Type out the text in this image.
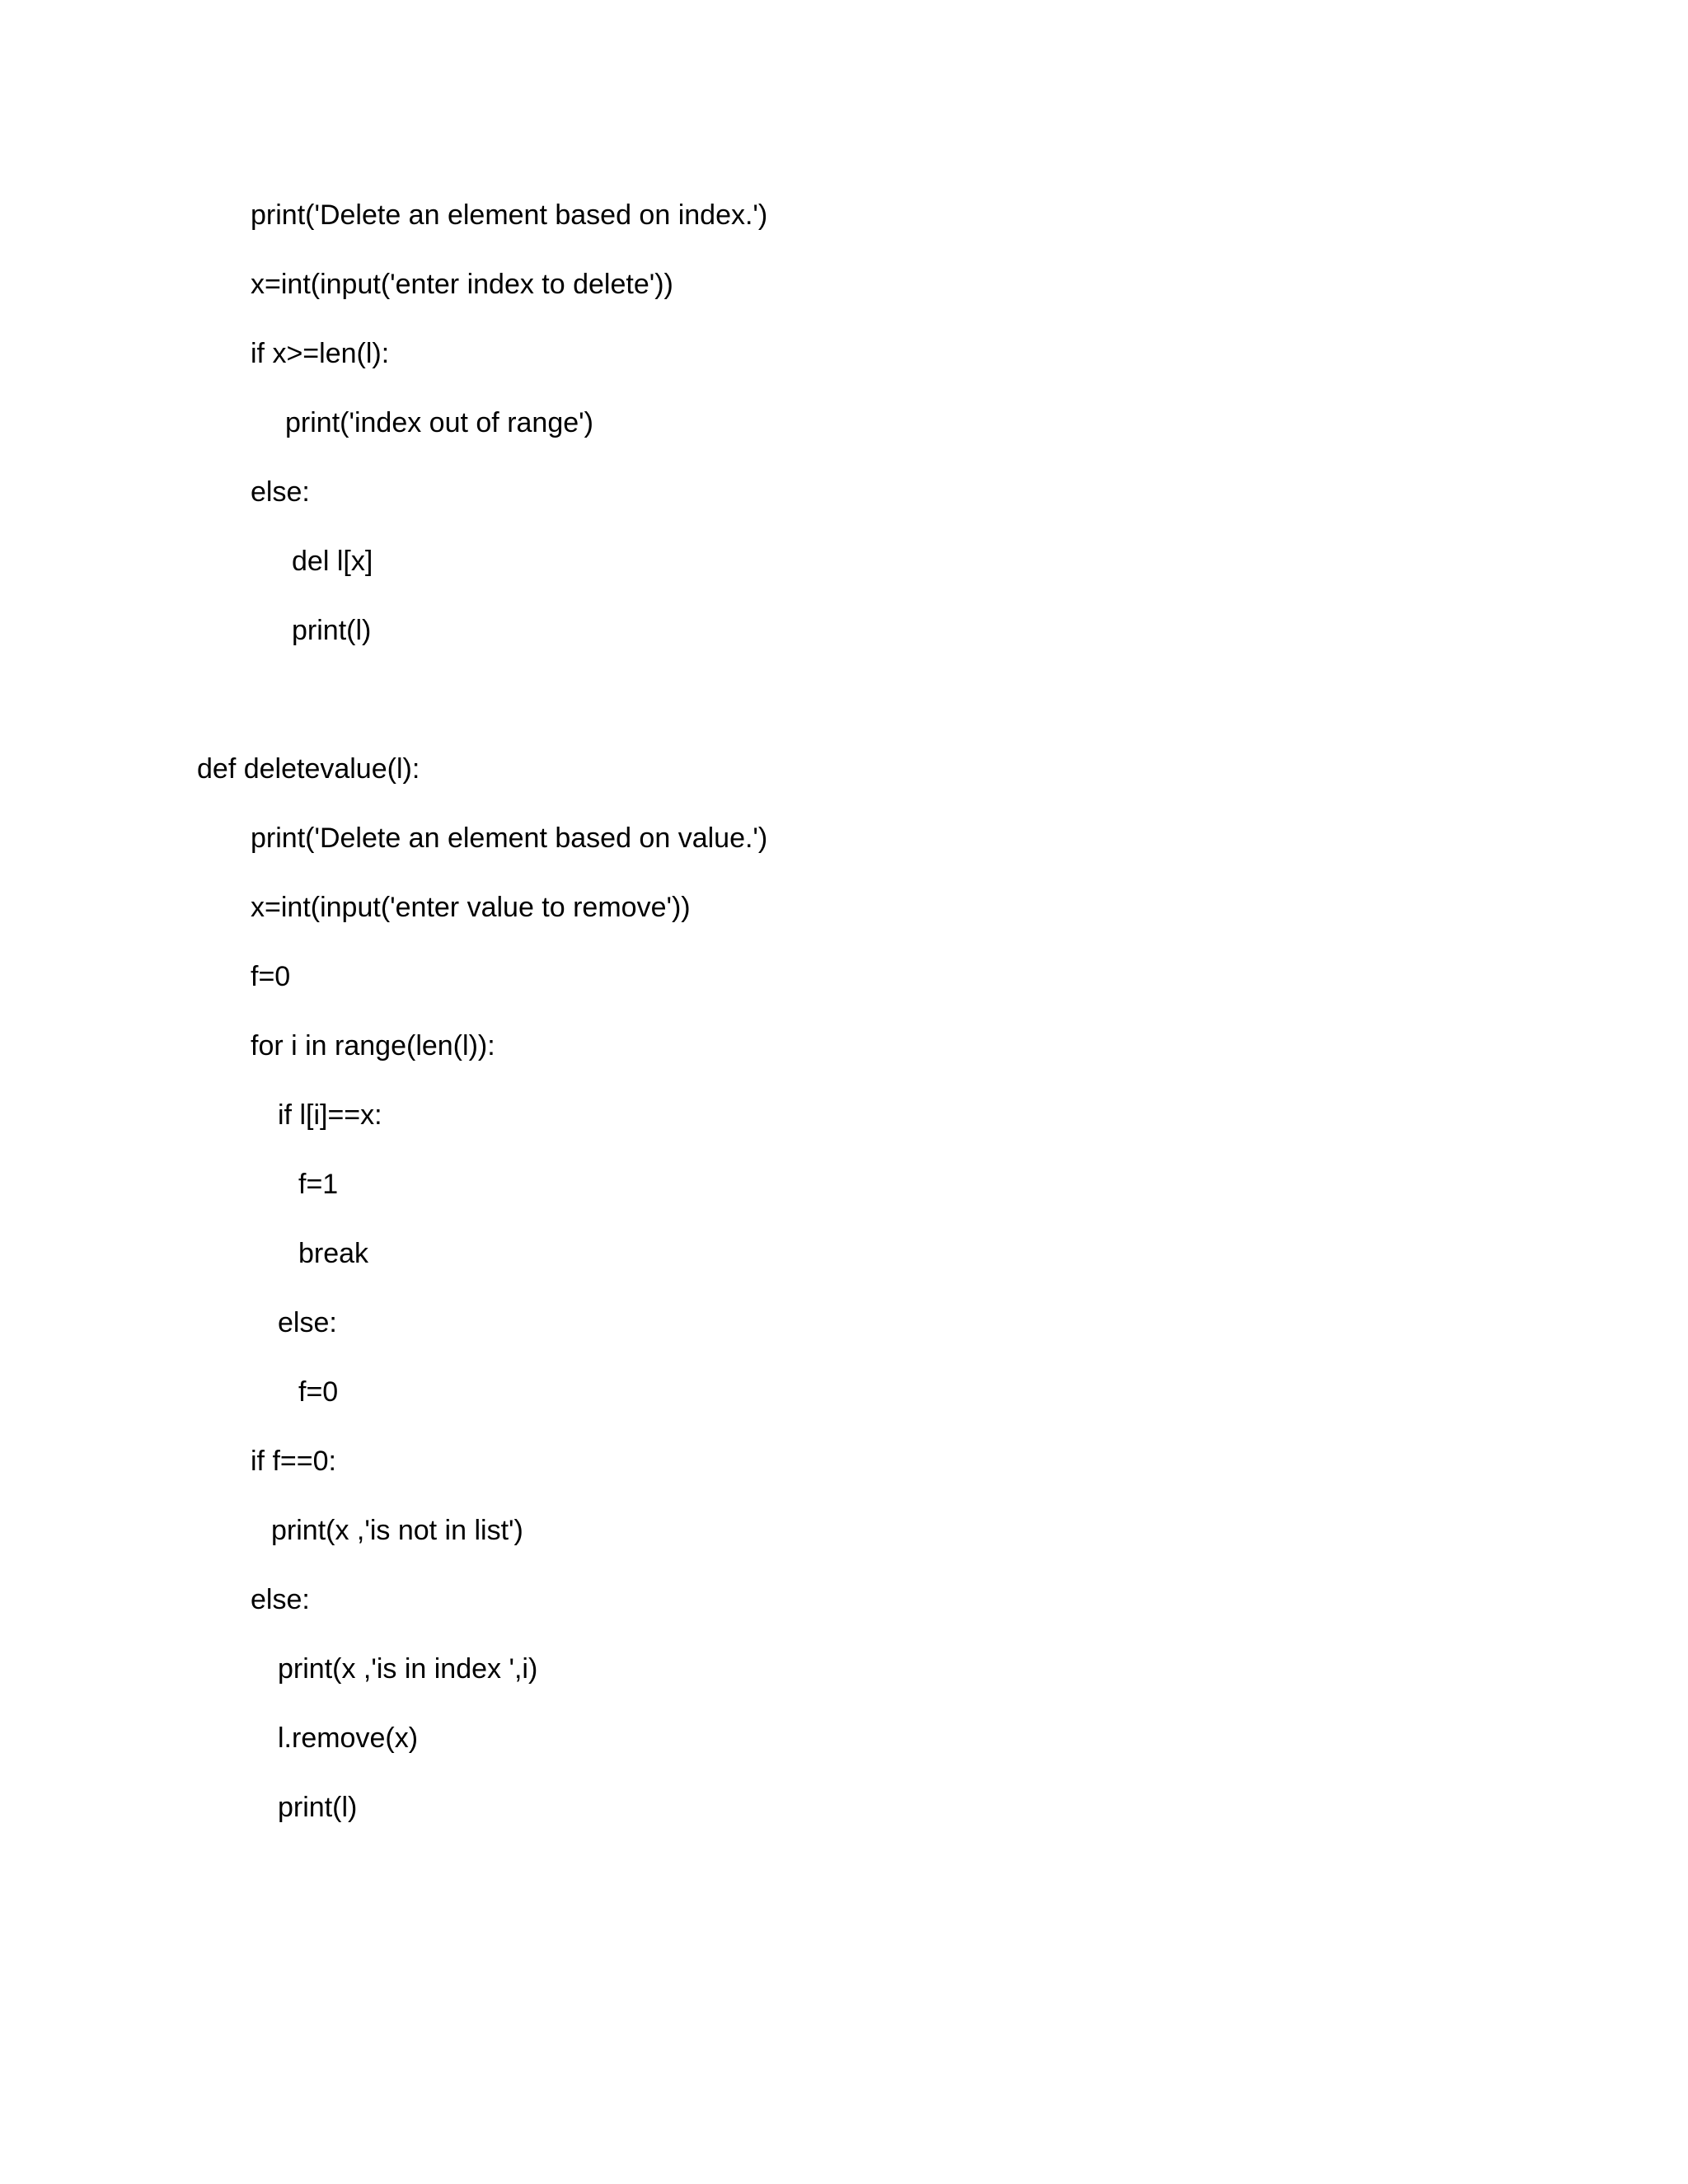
print('Delete an element based on index.')
x=int(input('enter index to delete'))
if x>=len(l):
print('index out of range')
else:
del l[x]
print(l)
def deletevalue(l):
print('Delete an element based on value.')
x=int(input('enter value to remove'))
f=0
for i in range(len(l)):
if l[i]==x:
f=1
break
else:
f=0
if f==0:
print(x ,'is not in list')
else:
print(x ,'is in index ',i)
l.remove(x)
print(l)
